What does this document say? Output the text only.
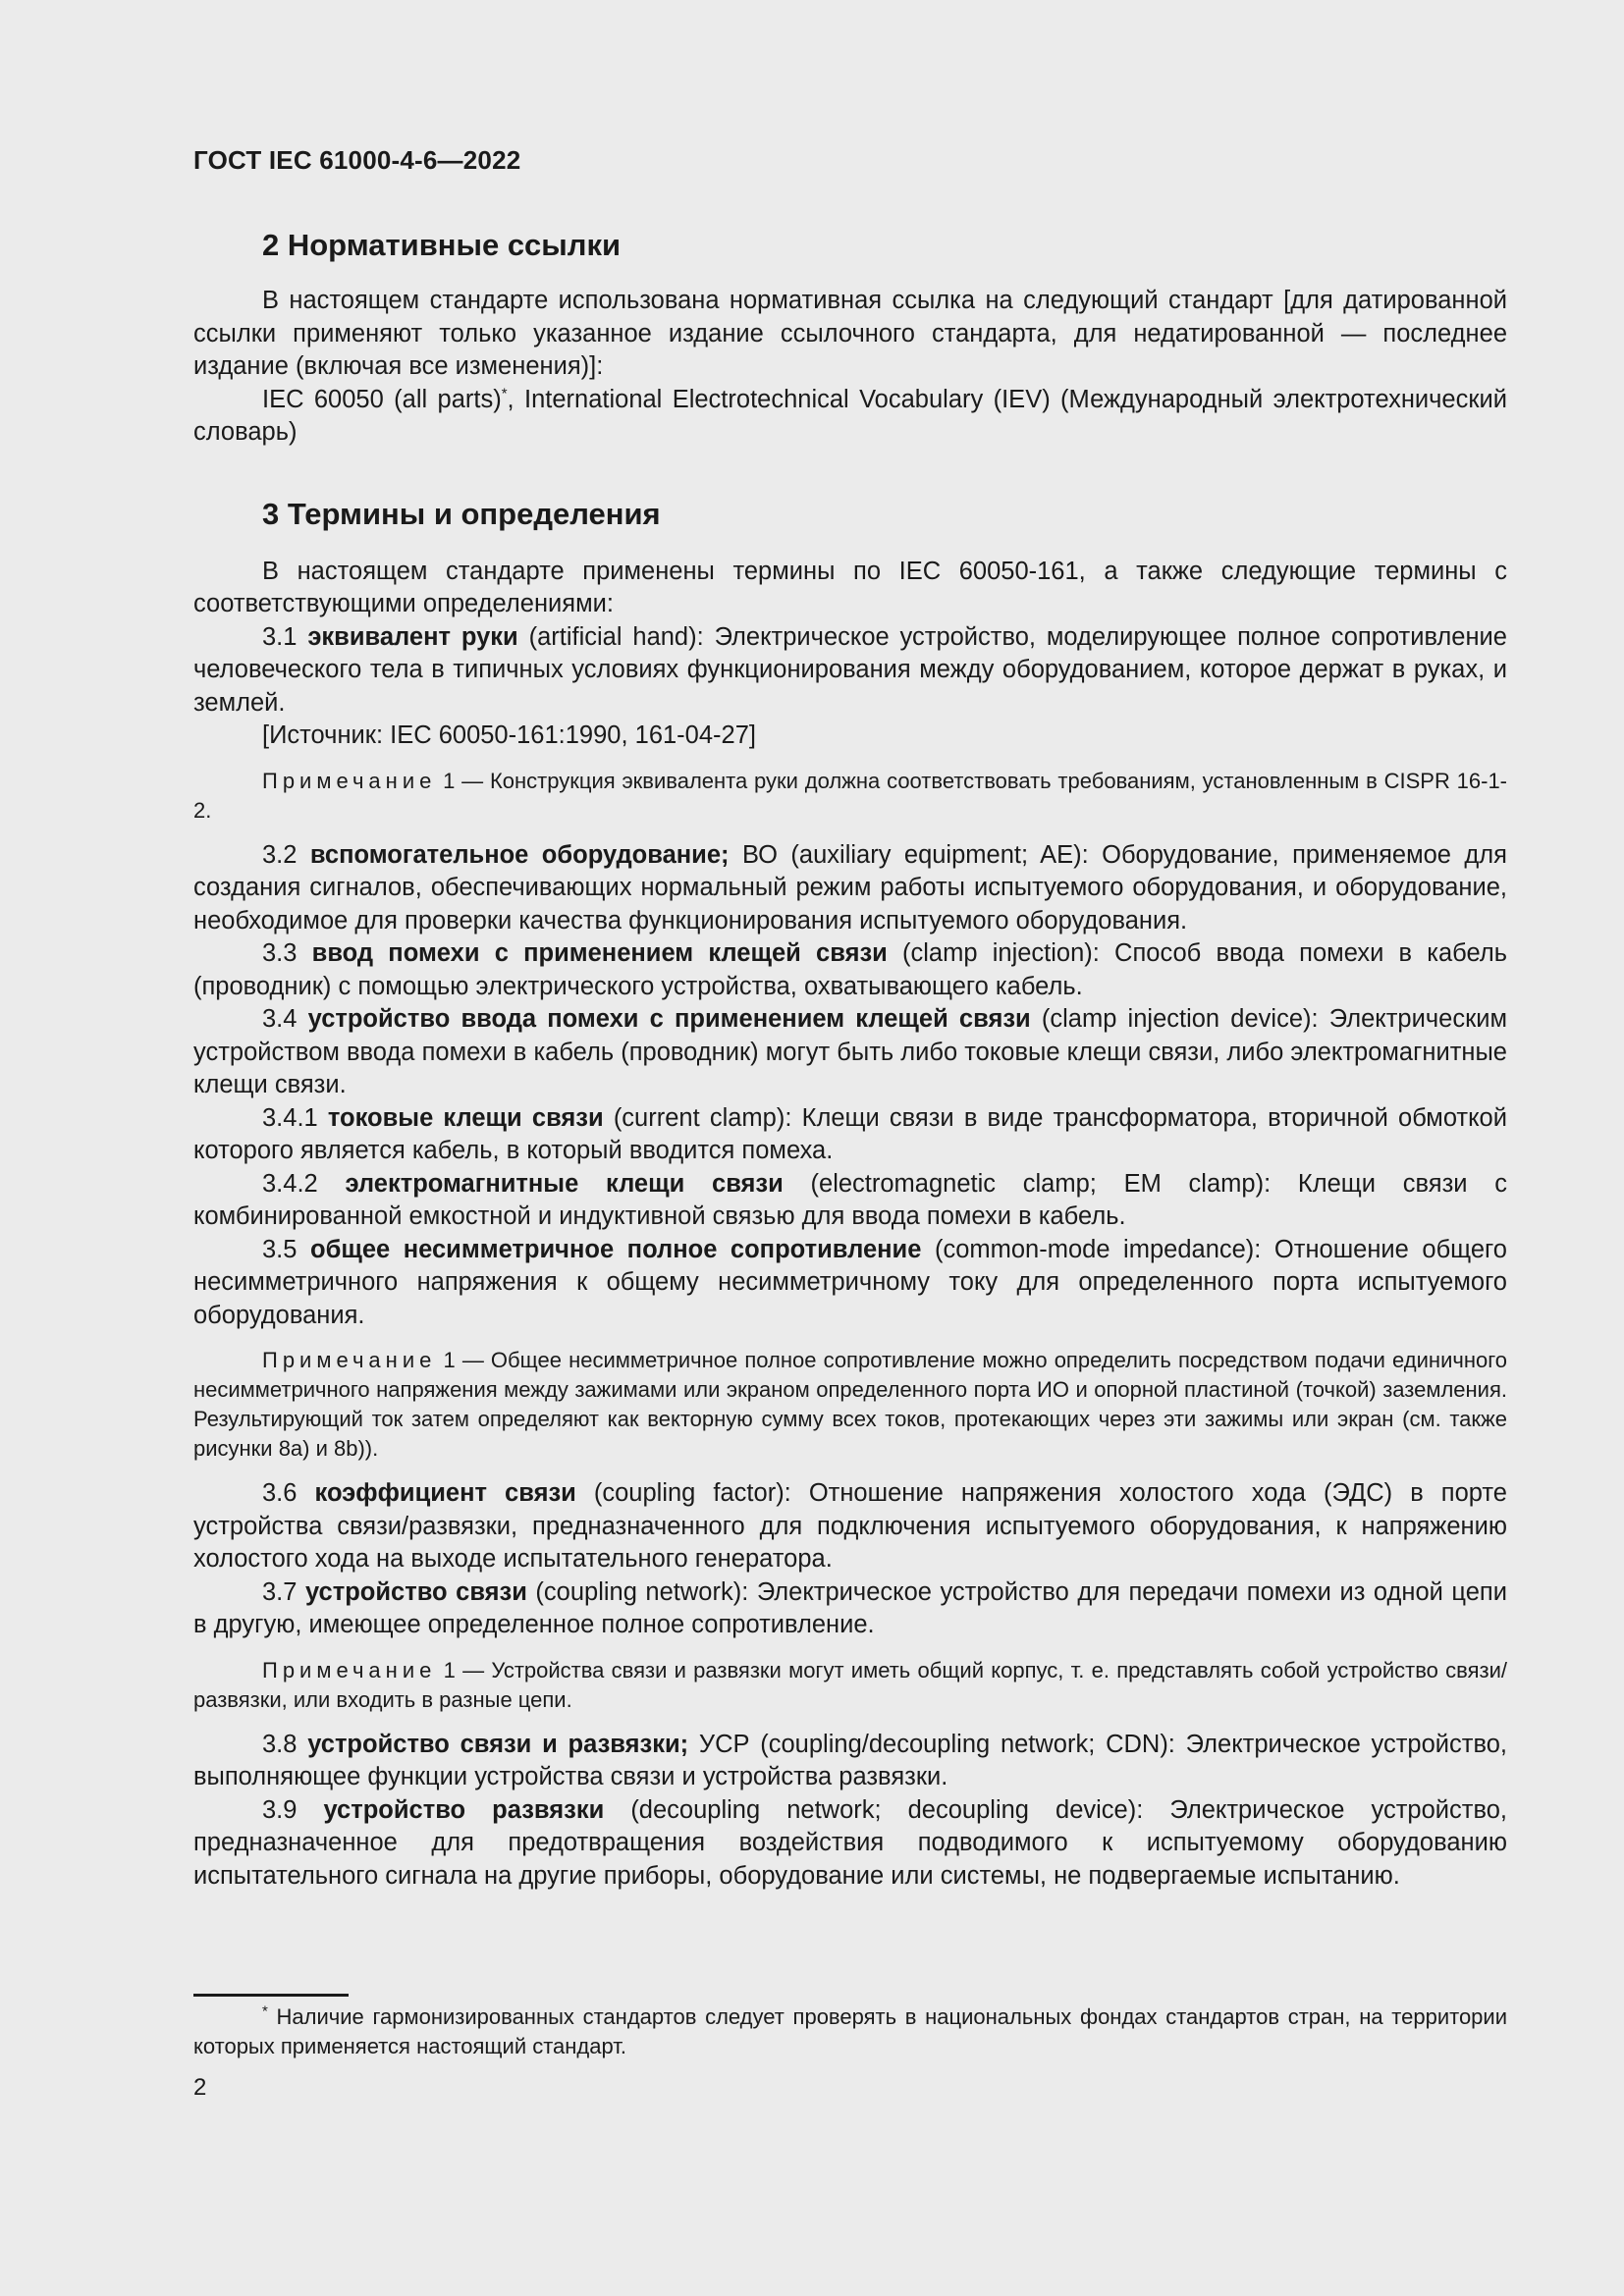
ГОСТ IEC 61000-4-6—2022
2 Нормативные ссылки

В настоящем стандарте использована нормативная ссылка на следующий стандарт [для датированной ссылки применяют только указанное издание ссылочного стандарта, для недатированной — последнее издание (включая все изменения)]:

IEC 60050 (all parts)*, International Electrotechnical Vocabulary (IEV) (Международный электротехнический словарь)

3 Термины и определения

В настоящем стандарте применены термины по IEC 60050-161, а также следующие термины с соответствующими определениями:

3.1 эквивалент руки (artificial hand): Электрическое устройство, моделирующее полное сопротивление человеческого тела в типичных условиях функционирования между оборудованием, которое держат в руках, и землей.

[Источник: IEC 60050-161:1990, 161-04-27]

Примечание 1 — Конструкция эквивалента руки должна соответствовать требованиям, установленным в CISPR 16-1-2.

3.2 вспомогательное оборудование; ВО (auxiliary equipment; AE): Оборудование, применяемое для создания сигналов, обеспечивающих нормальный режим работы испытуемого оборудования, и оборудование, необходимое для проверки качества функционирования испытуемого оборудования.

3.3 ввод помехи с применением клещей связи (clamp injection): Способ ввода помехи в кабель (проводник) с помощью электрического устройства, охватывающего кабель.

3.4 устройство ввода помехи с применением клещей связи (clamp injection device): Электрическим устройством ввода помехи в кабель (проводник) могут быть либо токовые клещи связи, либо электромагнитные клещи связи.

3.4.1 токовые клещи связи (current clamp): Клещи связи в виде трансформатора, вторичной обмоткой которого является кабель, в который вводится помеха.

3.4.2 электромагнитные клещи связи (electromagnetic clamp; EM clamp): Клещи связи с комбинированной емкостной и индуктивной связью для ввода помехи в кабель.

3.5 общее несимметричное полное сопротивление (common-mode impedance): Отношение общего несимметричного напряжения к общему несимметричному току для определенного порта испытуемого оборудования.

Примечание 1 — Общее несимметричное полное сопротивление можно определить посредством подачи единичного несимметричного напряжения между зажимами или экраном определенного порта ИО и опорной пластиной (точкой) заземления. Результирующий ток затем определяют как векторную сумму всех токов, протекающих через эти зажимы или экран (см. также рисунки 8а) и 8b)).

3.6 коэффициент связи (coupling factor): Отношение напряжения холостого хода (ЭДС) в порте устройства связи/развязки, предназначенного для подключения испытуемого оборудования, к напряжению холостого хода на выходе испытательного генератора.

3.7 устройство связи (coupling network): Электрическое устройство для передачи помехи из одной цепи в другую, имеющее определенное полное сопротивление.

Примечание 1 — Устройства связи и развязки могут иметь общий корпус, т. е. представлять собой устройство связи/развязки, или входить в разные цепи.

3.8 устройство связи и развязки; УСР (coupling/decoupling network; CDN): Электрическое устройство, выполняющее функции устройства связи и устройства развязки.

3.9 устройство развязки (decoupling network; decoupling device): Электрическое устройство, предназначенное для предотвращения воздействия подводимого к испытуемому оборудованию испытательного сигнала на другие приборы, оборудование или системы, не подвергаемые испытанию.

* Наличие гармонизированных стандартов следует проверять в национальных фондах стандартов стран, на территории которых применяется настоящий стандарт.
2
